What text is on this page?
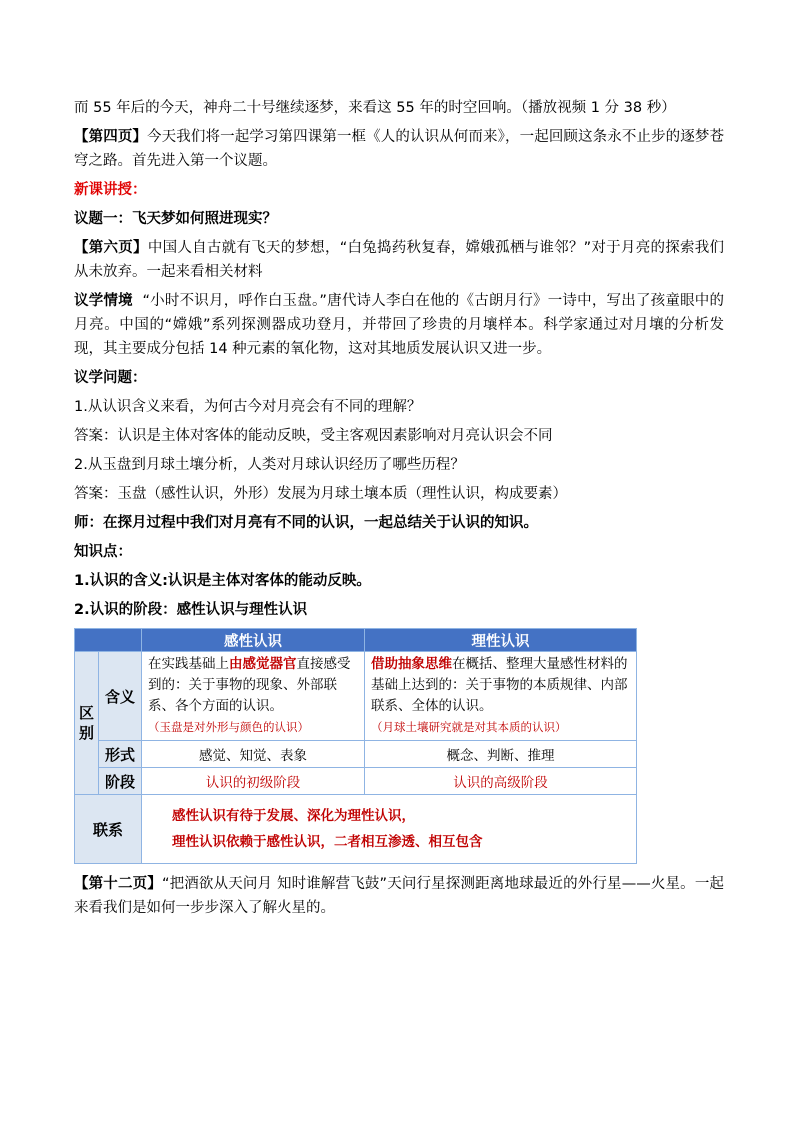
而 55 年后的今天，神舟二十号继续逐梦，来看这 55 年的时空回响。（播放视频 1 分 38 秒）

【第四页】今天我们将一起学习第四课第一框《人的认识从何而来》，一起回顾这条永不止步的逐梦苍穹之路。首先进入第一个议题。

新课讲授：

议题一：飞天梦如何照进现实？

【第六页】中国人自古就有飞天的梦想，“白兔捣药秋复春，嫦娥孤栖与谁邻？”对于月亮的探索我们从未放弃。一起来看相关材料

议学情境 “小时不识月，呼作白玉盘。”唐代诗人李白在他的《古朗月行》一诗中，写出了孩童眼中的月亮。中国的“嫦娥”系列探测器成功登月，并带回了珍贵的月壤样本。科学家通过对月壤的分析发现，其主要成分包括 14 种元素的氧化物，这对其地质发展认识又进一步。

议学问题：

1.从认识含义来看，为何古今对月亮会有不同的理解？

答案：认识是主体对客体的能动反映，受主客观因素影响对月亮认识会不同

2.从玉盘到月球土壤分析，人类对月球认识经历了哪些历程？

答案：玉盘（感性认识，外形）发展为月球土壤本质（理性认识，构成要素）

师：在探月过程中我们对月亮有不同的认识，一起总结关于认识的知识。

知识点：

1.认识的含义:认识是主体对客体的能动反映。

2.认识的阶段：感性认识与理性认识

		感性认识	理性认识
区别	含义	在实践基础上由感觉器官直接感受到的：关于事物的现象、外部联系、各个方面的认识。
（玉盘是对外形与颜色的认识）	借助抽象思维在概括、整理大量感性材料的基础上达到的：关于事物的本质规律、内部联系、全体的认识。
（月球土壤研究就是对其本质的认识）
	形式	感觉、知觉、表象	概念、判断、推理
	阶段	认识的初级阶段	认识的高级阶段
联系		感性认识有待于发展、深化为理性认识，
理性认识依赖于感性认识，二者相互渗透、相互包含	

【第十二页】“把酒欲从天问月 知时谁解营飞鼓”天问行星探测距离地球最近的外行星——火星。一起来看我们是如何一步步深入了解火星的。
